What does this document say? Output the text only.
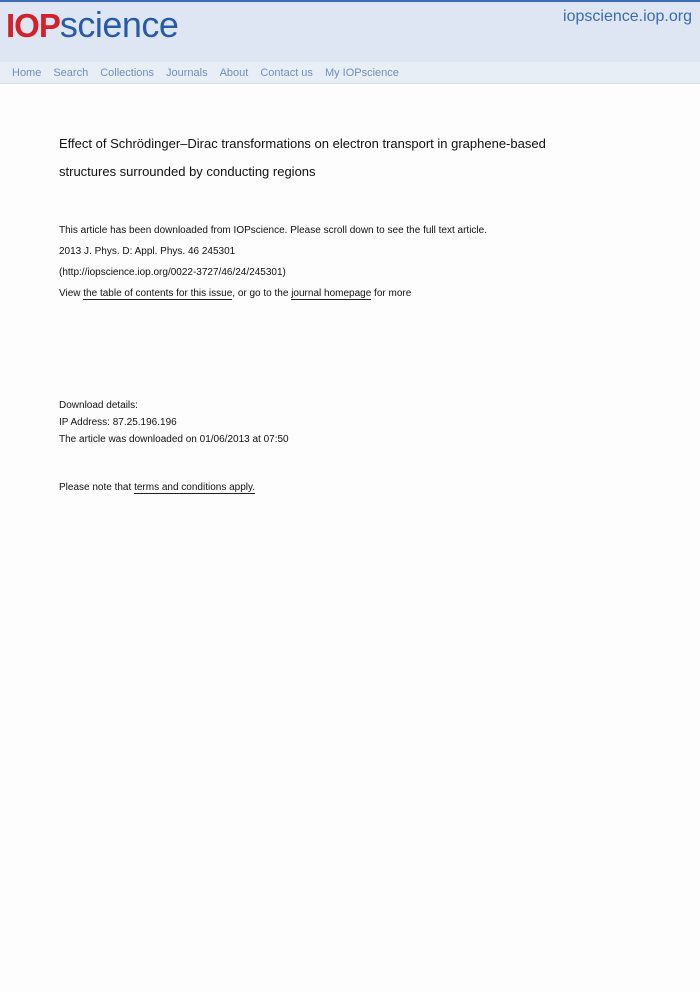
IOPscience	iopscience.iop.org
Home Search Collections Journals About Contact us My IOPscience
Effect of Schrödinger–Dirac transformations on electron transport in graphene-based structures surrounded by conducting regions
This article has been downloaded from IOPscience. Please scroll down to see the full text article.
2013 J. Phys. D: Appl. Phys. 46 245301
(http://iopscience.iop.org/0022-3727/46/24/245301)
View the table of contents for this issue, or go to the journal homepage for more
Download details:
IP Address: 87.25.196.196
The article was downloaded on 01/06/2013 at 07:50
Please note that terms and conditions apply.
